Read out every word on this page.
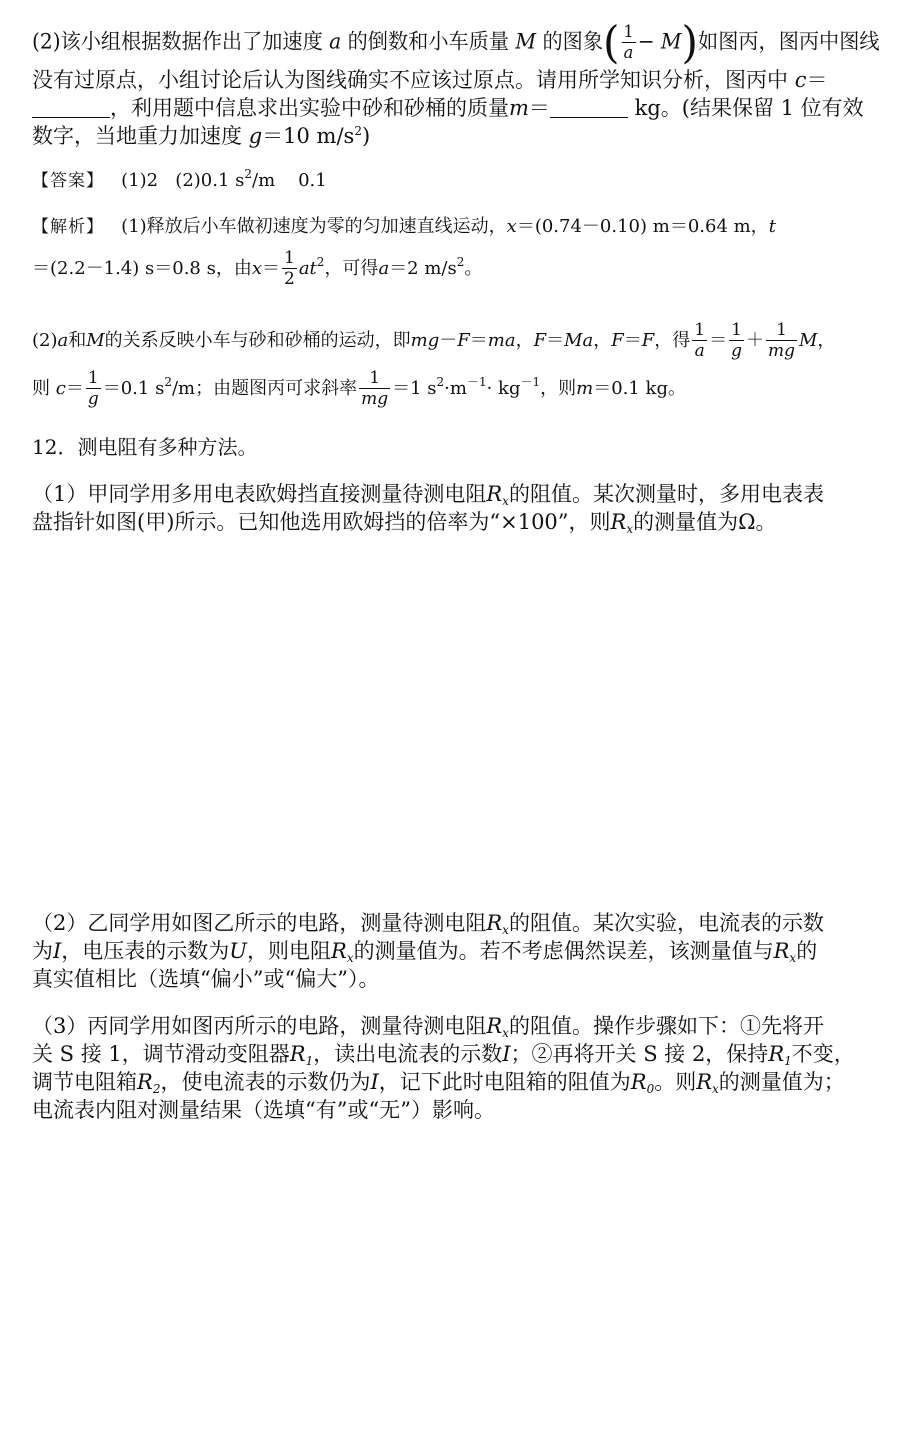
(2)该小组根据数据作出了加速度 a 的倒数和小车质量 M 的图象( $\frac{1}{a} - M$)如图丙，图丙中图线
没有过原点，小组讨论后认为图线确实不应该过原点。请用所学知识分析，图丙中 c＝
，利用题中信息求出实验中砂和砂桶的质量m＝	kg。(结果保留 1 位有效
数字，当地重力加速度 g＝10 $m/s^2$)
【答案】 (1)2 (2)0.1 $s^2/m$ 0.1
【解析】 (1)释放后小车做初速度为零的匀加速直线运动，x＝(0.74－0.10) m＝0.64 m，t
＝(2.2－1.4) s＝0.8 s，由$x= \frac{1}{2} at^2$，可得a＝2 $m/s^2$。
(2)a和M的关系反映小车与砂和砂桶的运动，即mg－F＝ma，F＝Ma，F＝F，得 $\frac{1}{a} = \frac{1}{g} + \frac{1}{mg}$ M，
则 $c= \frac{1}{g} =0.1$ $s^2/m$；由题图丙可求斜率 $\frac{1}{mg} =1$ $s^2\cdot m^{-1}\cdot kg^{-1}$，则m＝0.1 kg。
12．测电阻有多种方法。
（1）甲同学用多用电表欧姆挡直接测量待测电阻$R_x$的阻值。某次测量时，多用电表表
盘指针如图(甲)所示。已知他选用欧姆挡的倍率为“×100”，则$R_x$的测量值为Ω。
（2）乙同学用如图乙所示的电路，测量待测电阻$R_x$的阻值。某次实验，电流表的示数
为I，电压表的示数为U，则电阻$R_x$的测量值为。若不考虑偶然误差，该测量值与$R_x$的
真实值相比（选填“偏小”或“偏大”）。
（3）丙同学用如图丙所示的电路，测量待测电阻$R_x$的阻值。操作步骤如下：①先将开
关 S 接 1，调节滑动变阻器$R_1$，读出电流表的示数I；②再将开关 S 接 2，保持$R_1$不变，
调节电阻箱$R_2$，使电流表的示数仍为I，记下此时电阻箱的阻值为$R_0$。则$R_x$的测量值为；
电流表内阻对测量结果（选填“有”或“无”）影响。
